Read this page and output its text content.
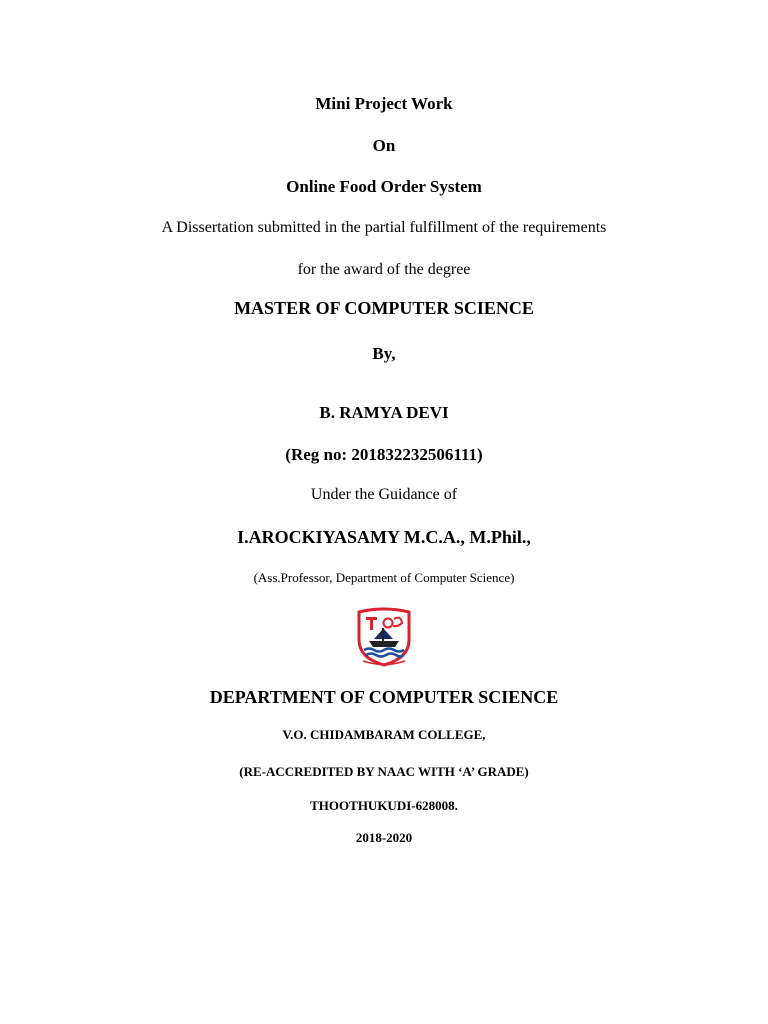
Mini Project Work
On
Online Food Order System
A Dissertation submitted in the partial fulfillment of the requirements
for the award of the degree
MASTER OF COMPUTER SCIENCE
By,
B. RAMYA DEVI
(Reg no: 201832232506111)
Under the Guidance of
I.AROCKIYASAMY M.C.A., M.Phil.,
(Ass.Professor, Department of Computer Science)
DEPARTMENT OF COMPUTER SCIENCE
V.O. CHIDAMBARAM COLLEGE,
(RE-ACCREDITED BY NAAC WITH ‘A’ GRADE)
THOOTHUKUDI-628008.
2018-2020
